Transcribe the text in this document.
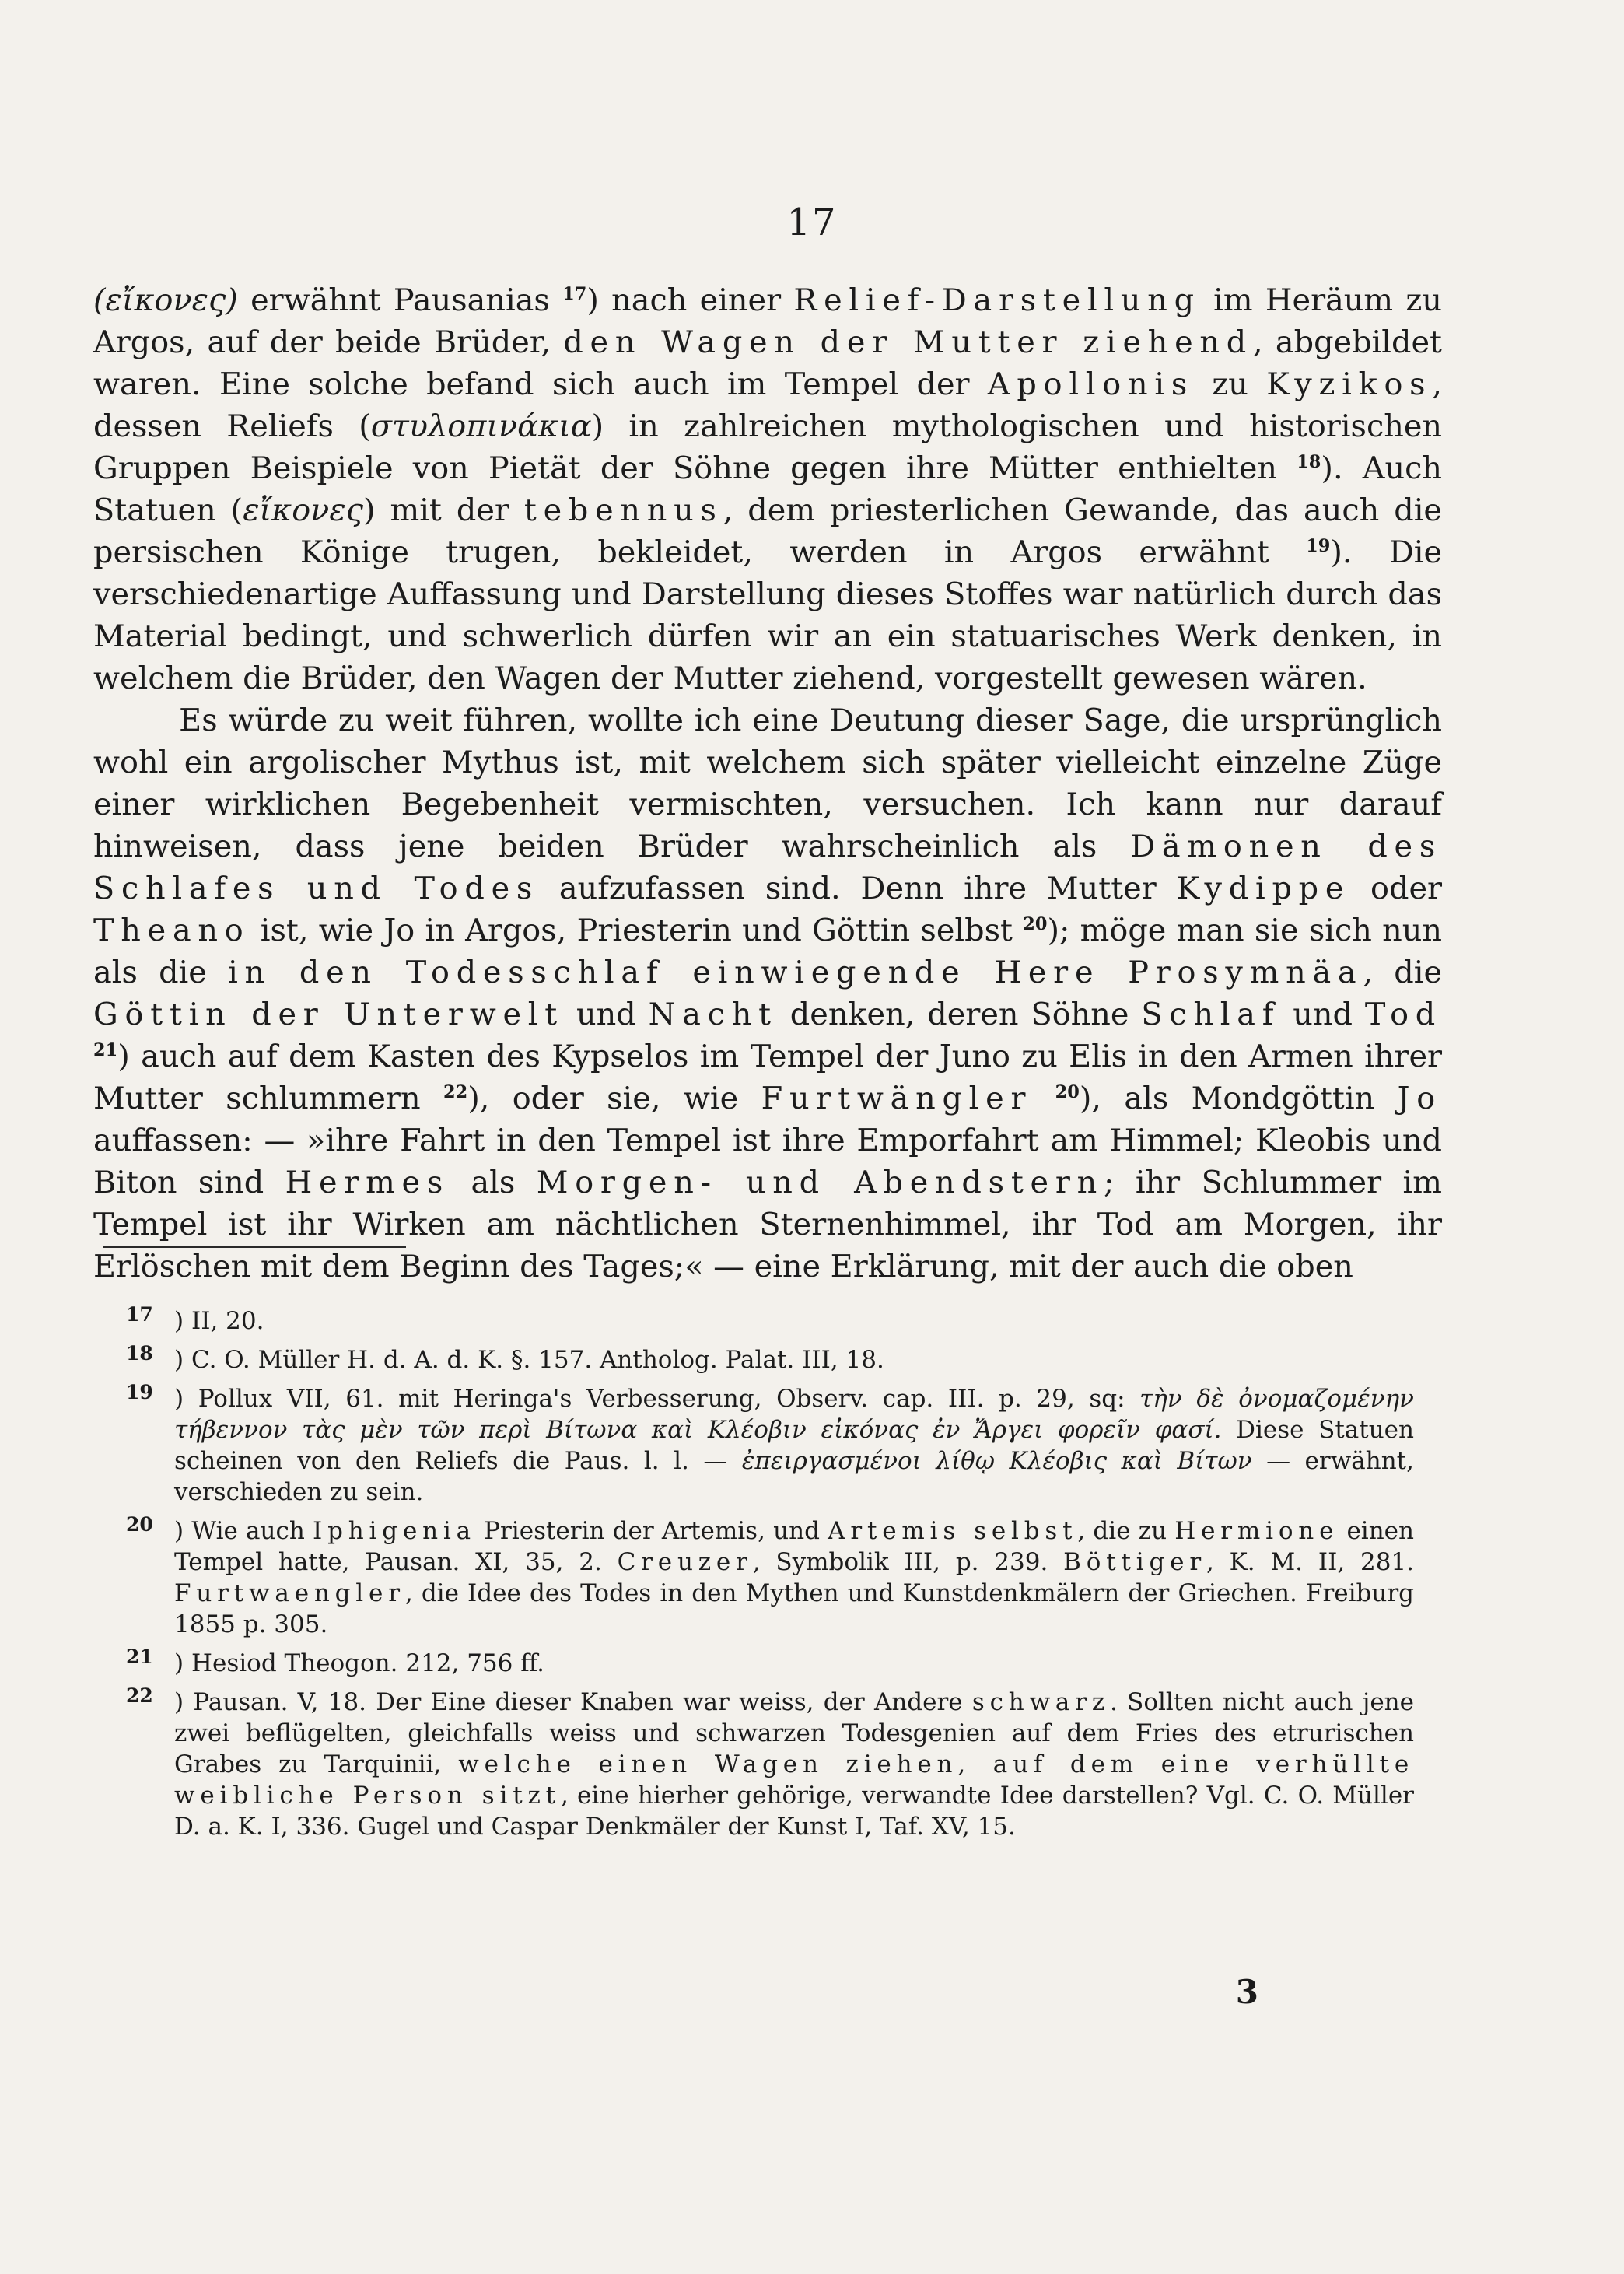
17

(εἴκονες) erwähnt Pausanias $^{17}$) nach einer Relief-Darstellung im Heräum zu Argos, auf der beide Brüder, den Wagen der Mutter ziehend, abgebildet waren. Eine solche befand sich auch im Tempel der Apollonis zu Kyzikos, dessen Reliefs (στυλοπινάκια) in zahlreichen mythologischen und historischen Gruppen Beispiele von Pietät der Söhne gegen ihre Mütter enthielten $^{18}$). Auch Statuen (εἴκονες) mit der tebennus, dem priesterlichen Gewande, das auch die persischen Könige trugen, bekleidet, werden in Argos erwähnt $^{19}$). Die verschiedenartige Auffassung und Darstellung dieses Stoffes war natürlich durch das Material bedingt, und schwerlich dürfen wir an ein statuarisches Werk denken, in welchem die Brüder, den Wagen der Mutter ziehend, vorgestellt gewesen wären.

Es würde zu weit führen, wollte ich eine Deutung dieser Sage, die ursprünglich wohl ein argolischer Mythus ist, mit welchem sich später vielleicht einzelne Züge einer wirklichen Begebenheit vermischten, versuchen. Ich kann nur darauf hinweisen, dass jene beiden Brüder wahrscheinlich als Dämonen des Schlafes und Todes aufzufassen sind. Denn ihre Mutter Kydippe oder Theano ist, wie Jo in Argos, Priesterin und Göttin selbst $^{20}$); möge man sie sich nun als die in den Todesschlaf einwiegende Here Prosymnäa, die Göttin der Unterwelt und Nacht denken, deren Söhne Schlaf und Tod $^{21}$) auch auf dem Kasten des Kypselos im Tempel der Juno zu Elis in den Armen ihrer Mutter schlummern $^{22}$), oder sie, wie Furtwängler $^{20}$), als Mondgöttin Jo auffassen: — »ihre Fahrt in den Tempel ist ihre Emporfahrt am Himmel; Kleobis und Biton sind Hermes als Morgen- und Abendstern; ihr Schlummer im Tempel ist ihr Wirken am nächtlichen Sternenhimmel, ihr Tod am Morgen, ihr Erlöschen mit dem Beginn des Tages;« — eine Erklärung, mit der auch die oben

17 ) II, 20.
18 ) C. O. Müller H. d. A. d. K. §. 157. Antholog. Palat. III, 18.
19 ) Pollux VII, 61. mit Heringa's Verbesserung, Observ. cap. III. p. 29, sq: τὴν δὲ ὀνομαζομένην τήβεννον τὰς μὲν τῶν περὶ Βίτωνα καὶ Κλέοβιν εἰκόνας ἐν Ἄργει φορεῖν φασί. Diese Statuen scheinen von den Reliefs die Paus. l. l. — ἐπειργασμένοι λίθῳ Κλέοβις καὶ Βίτων — erwähnt, verschieden zu sein.
20 ) Wie auch Iphigenia Priesterin der Artemis, und Artemis selbst, die zu Hermione einen Tempel hatte, Pausan. XI, 35, 2. Creuzer, Symbolik III, p. 239. Böttiger, K. M. II, 281. Furtwaengler, die Idee des Todes in den Mythen und Kunstdenkmälern der Griechen. Freiburg 1855 p. 305.
21 ) Hesiod Theogon. 212, 756 ff.
22 ) Pausan. V, 18. Der Eine dieser Knaben war weiss, der Andere schwarz. Sollten nicht auch jene zwei beflügelten, gleichfalls weiss und schwarzen Todesgenien auf dem Fries des etrurischen Grabes zu Tarquinii, welche einen Wagen ziehen, auf dem eine verhüllte weibliche Person sitzt, eine hierher gehörige, verwandte Idee darstellen? Vgl. C. O. Müller D. a. K. I, 336. Gugel und Caspar Denkmäler der Kunst I, Taf. XV, 15.
3
